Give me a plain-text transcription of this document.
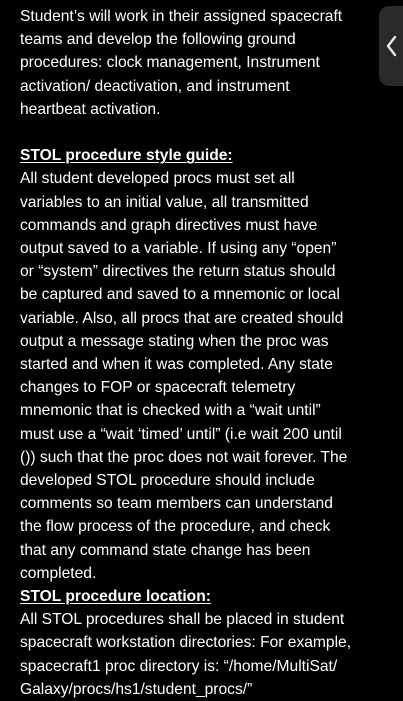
Student’s will work in their assigned spacecraft
teams and develop the following ground
procedures: clock management, Instrument
activation/ deactivation, and instrument
heartbeat activation.
STOL procedure style guide:
All student developed procs must set all
variables to an initial value, all transmitted
commands and graph directives must have
output saved to a variable. If using any “open”
or “system” directives the return status should
be captured and saved to a mnemonic or local
variable. Also, all procs that are created should
output a message stating when the proc was
started and when it was completed. Any state
changes to FOP or spacecraft telemetry
mnemonic that is checked with a “wait until”
must use a “wait ‘timed’ until” (i.e wait 200 until
()) such that the proc does not wait forever. The
developed STOL procedure should include
comments so team members can understand
the flow process of the procedure, and check
that any command state change has been
completed.
STOL procedure location:
All STOL procedures shall be placed in student
spacecraft workstation directories: For example,
spacecraft1 proc directory is: “/home/MultiSat/
Galaxy/procs/hs1/student_procs/”
